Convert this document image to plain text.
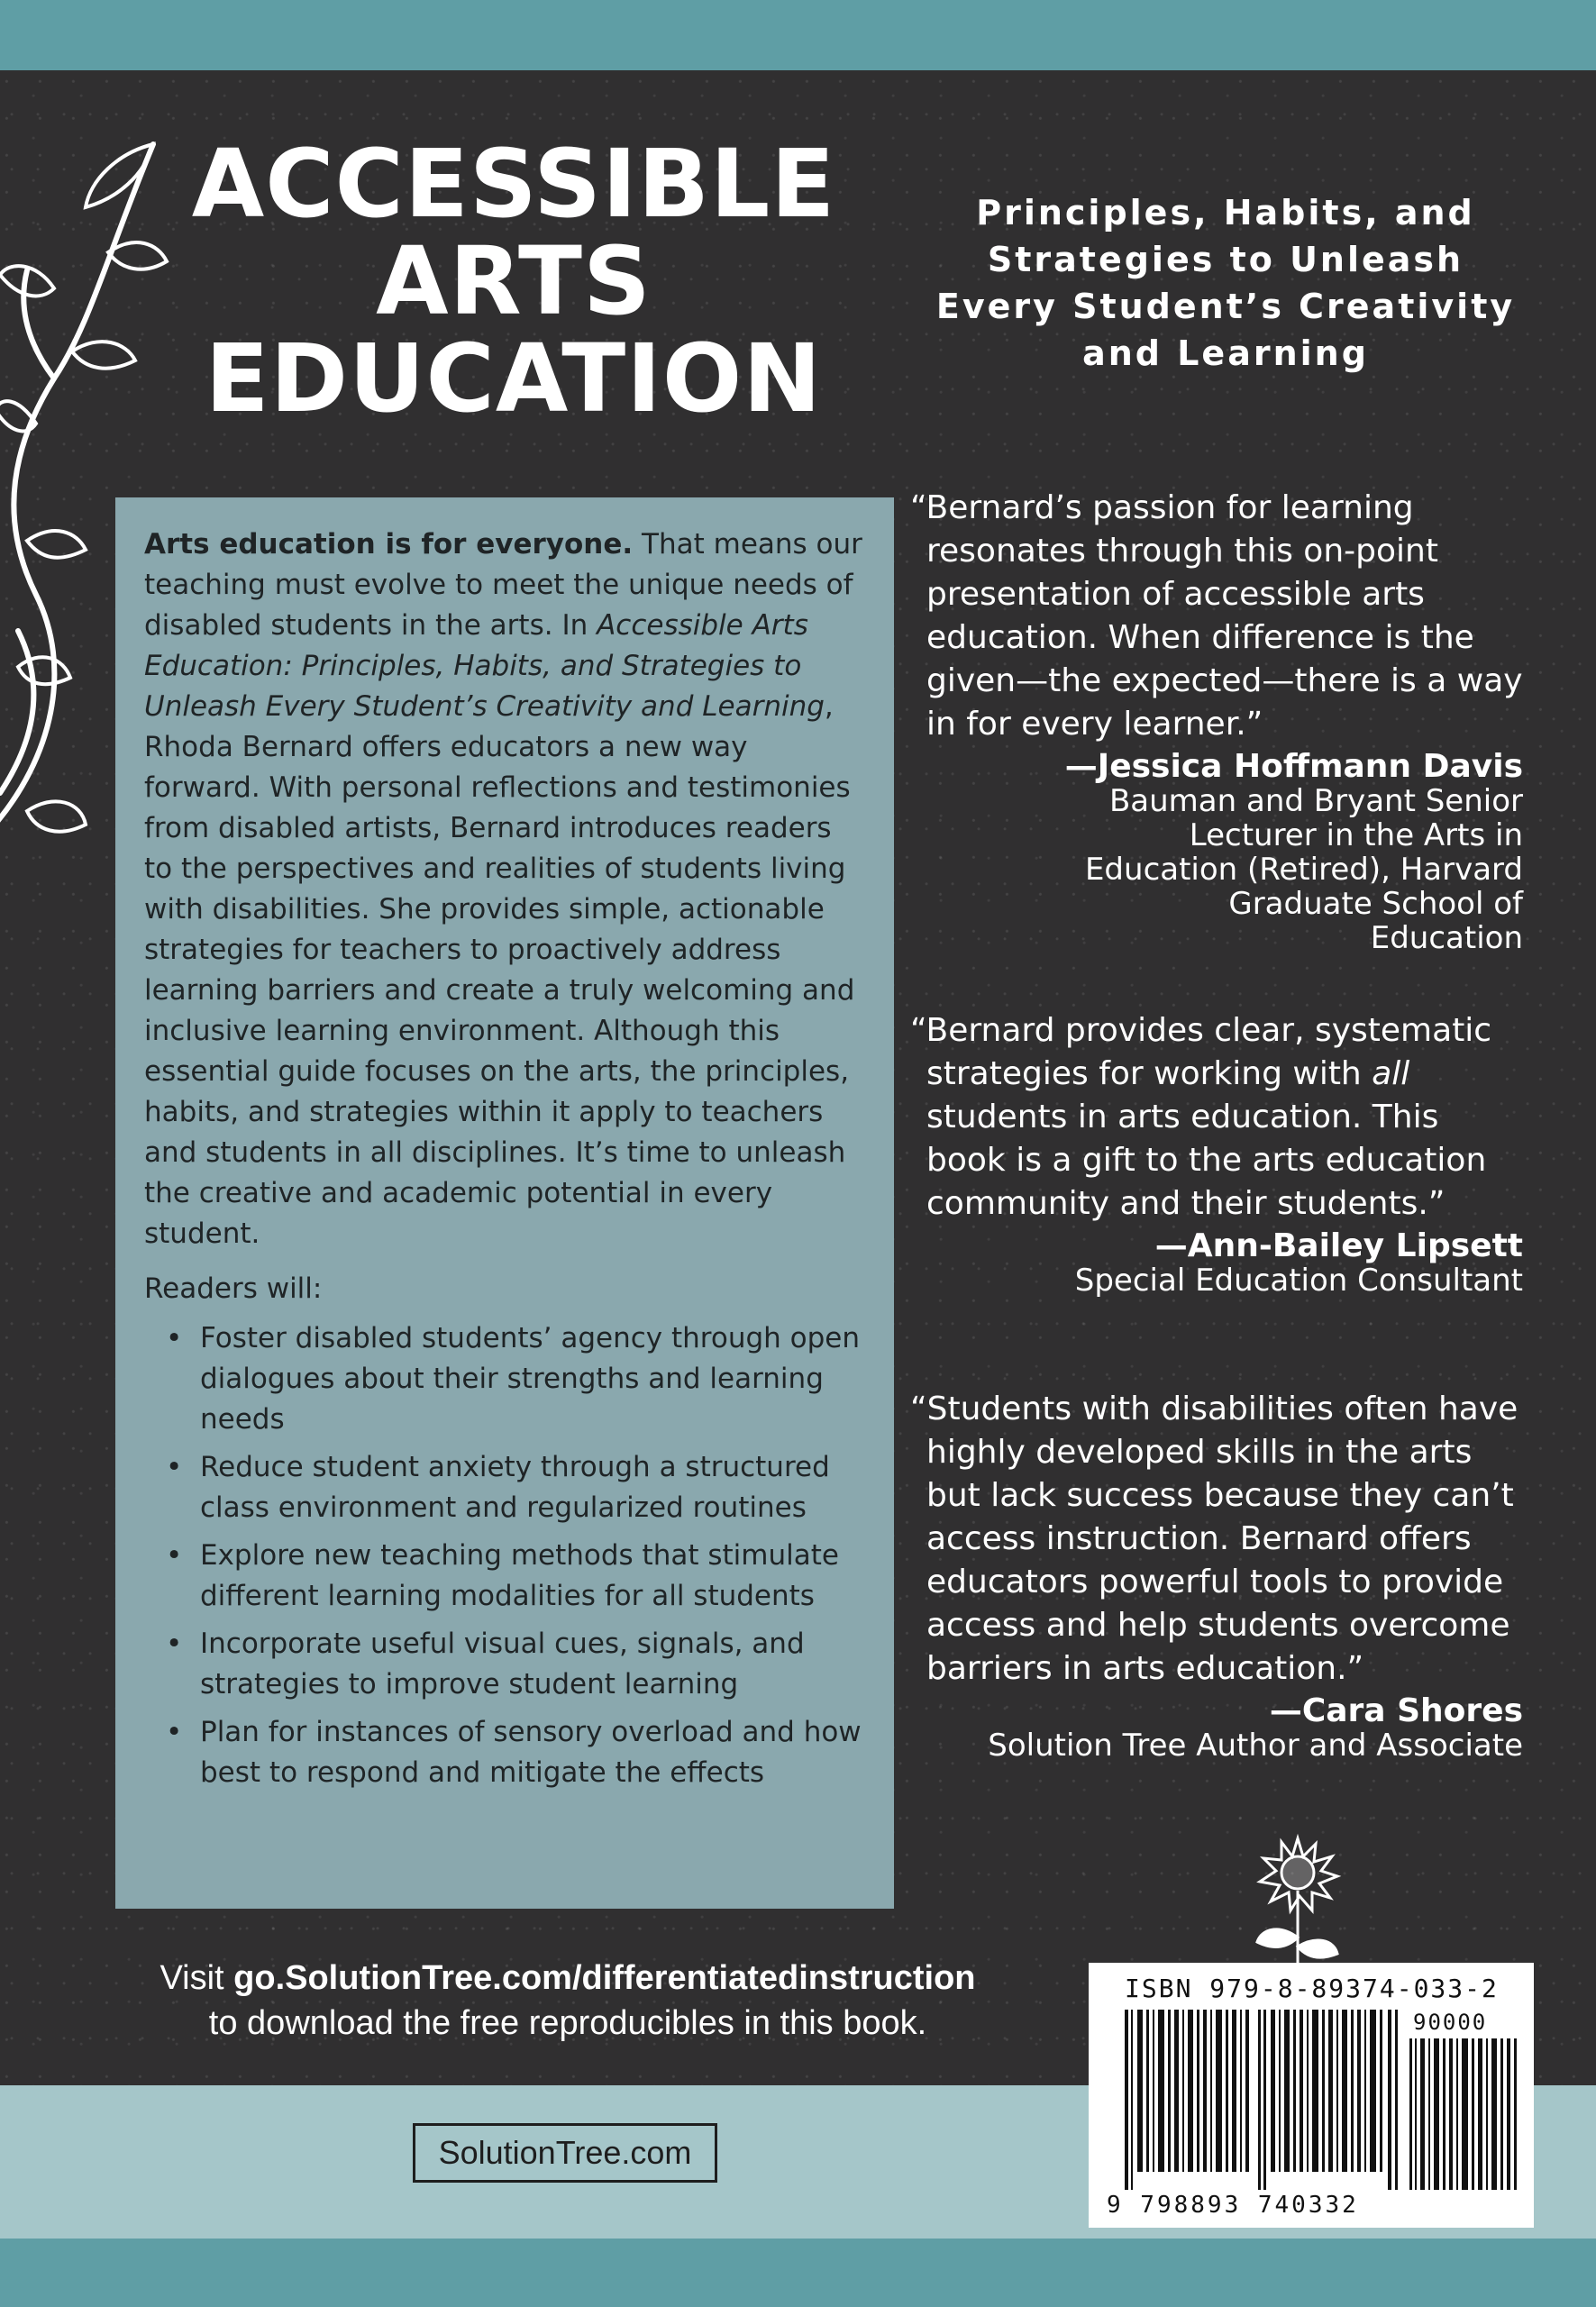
ACCESSIBLE
ARTS
EDUCATION
Principles, Habits, and
Strategies to Unleash
Every Student’s Creativity
and Learning

Arts education is for everyone. That means our teaching must evolve to meet the unique needs of disabled students in the arts. In Accessible Arts Education: Principles, Habits, and Strategies to Unleash Every Student’s Creativity and Learning, Rhoda Bernard offers educators a new way forward. With personal reflections and testimonies from disabled artists, Bernard introduces readers to the perspectives and realities of students living with disabilities. She provides simple, actionable strategies for teachers to proactively address learning barriers and create a truly welcoming and inclusive learning environment. Although this essential guide focuses on the arts, the principles, habits, and strategies within it apply to teachers and students in all disciplines. It’s time to unleash the creative and academic potential in every student.

Readers will:

• Foster disabled students’ agency through open dialogues about their strengths and learning needs
• Reduce student anxiety through a structured class environment and regularized routines
• Explore new teaching methods that stimulate different learning modalities for all students
• Incorporate useful visual cues, signals, and strategies to improve student learning
• Plan for instances of sensory overload and how best to respond and mitigate the effects

“Bernard’s passion for learning resonates through this on-point presentation of accessible arts education. When difference is the given—the expected—there is a way in for every learner.”

—Jessica Hoffmann Davis
Bauman and Bryant Senior Lecturer in the Arts in Education (Retired), Harvard Graduate School of Education

“Bernard provides clear, systematic strategies for working with all students in arts education. This book is a gift to the arts education community and their students.”

—Ann-Bailey Lipsett
Special Education Consultant

“Students with disabilities often have highly developed skills in the arts but lack success because they can’t access instruction. Bernard offers educators powerful tools to provide access and help students overcome barriers in arts education.”

—Cara Shores
Solution Tree Author and Associate
Visit go.SolutionTree.com/differentiatedinstruction
to download the free reproducibles in this book.
SolutionTree.com
ISBN 979-8-89374-033-2
90000
9 798893 740332
